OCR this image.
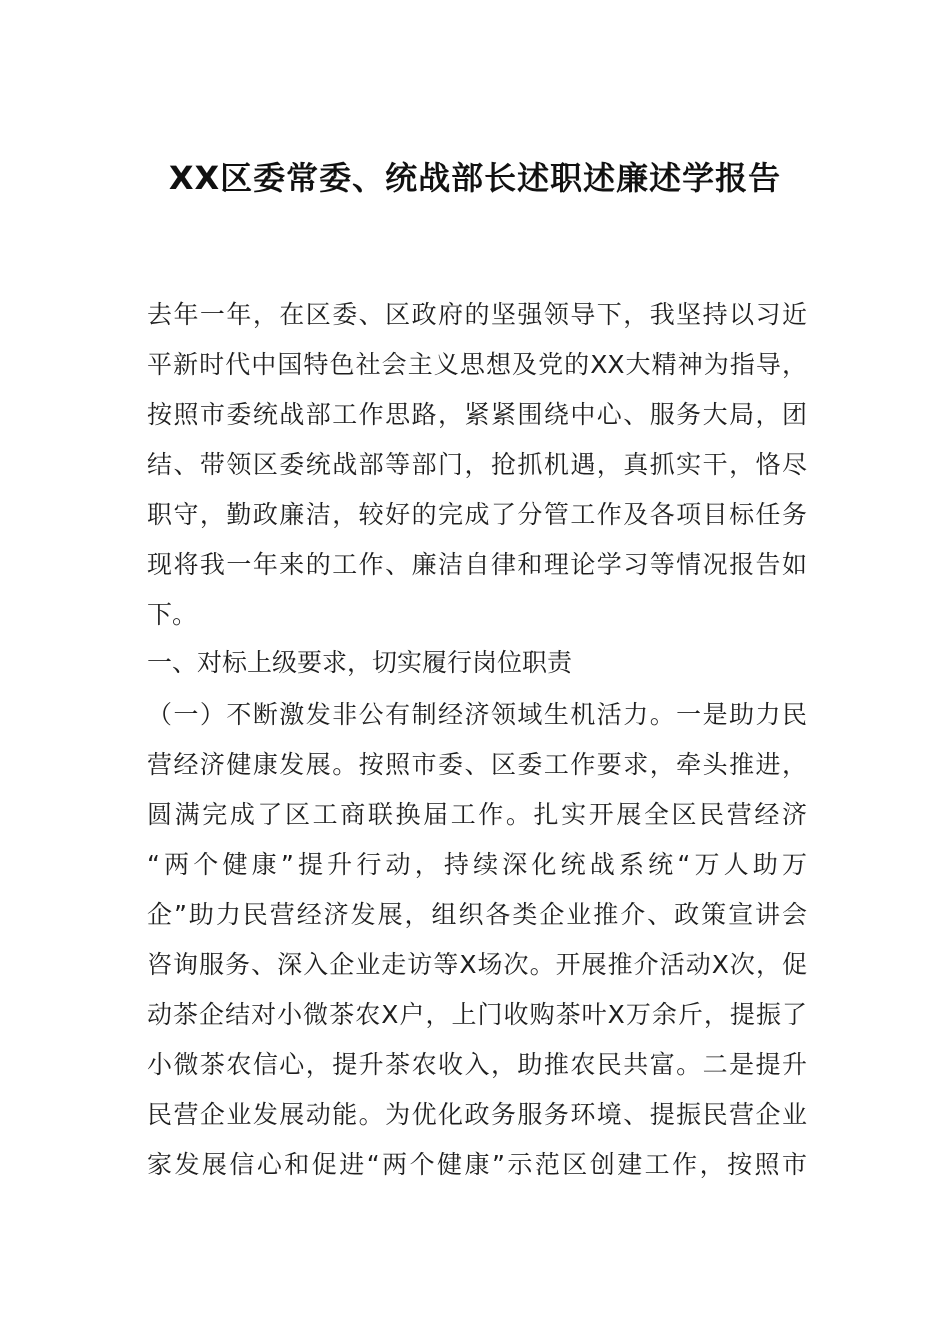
XX区委常委、统战部长述职述廉述学报告
去年一年，在区委、区政府的坚强领导下，我坚持以习近
平新时代中国特色社会主义思想及党的XX大精神为指导，
按照市委统战部工作思路，紧紧围绕中心、服务大局，团
结、带领区委统战部等部门，抢抓机遇，真抓实干，恪尽
职守，勤政廉洁，较好的完成了分管工作及各项目标任务
现将我一年来的工作、廉洁自律和理论学习等情况报告如
下。
一、对标上级要求，切实履行岗位职责
（一）不断激发非公有制经济领域生机活力。一是助力民
营经济健康发展。按照市委、区委工作要求，牵头推进，
圆满完成了区工商联换届工作。扎实开展全区民营经济
“两个健康”提升行动，持续深化统战系统“万人助万
企”助力民营经济发展，组织各类企业推介、政策宣讲会
咨询服务、深入企业走访等X场次。开展推介活动X次，促
动茶企结对小微茶农X户，上门收购茶叶X万余斤，提振了
小微茶农信心，提升茶农收入，助推农民共富。二是提升
民营企业发展动能。为优化政务服务环境、提振民营企业
家发展信心和促进“两个健康”示范区创建工作，按照市
